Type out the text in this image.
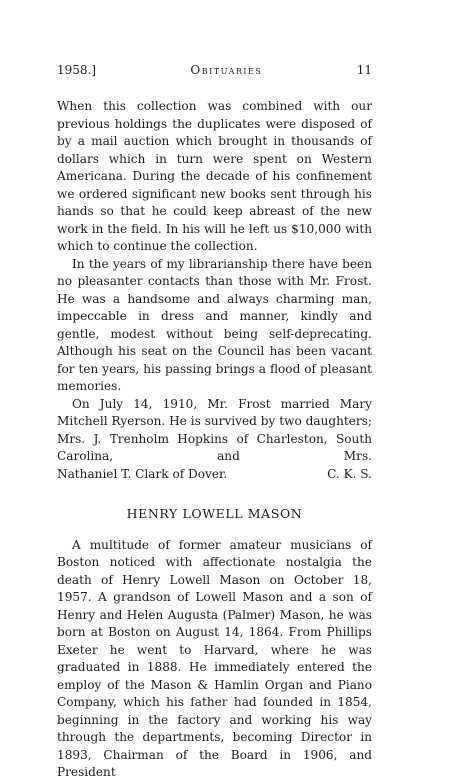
1958.]	Obituaries	11

When this collection was combined with our previous holdings the duplicates were disposed of by a mail auction which brought in thousands of dollars which in turn were spent on Western Americana. During the decade of his confinement we ordered significant new books sent through his hands so that he could keep abreast of the new work in the field. In his will he left us $10,000 with which to continue the collection.

In the years of my librarianship there have been no pleasanter contacts than those with Mr. Frost. He was a handsome and always charming man, impeccable in dress and manner, kindly and gentle, modest without being self-deprecating. Although his seat on the Council has been vacant for ten years, his passing brings a flood of pleasant memories.

On July 14, 1910, Mr. Frost married Mary Mitchell Ryerson. He is survived by two daughters; Mrs. J. Trenholm Hopkins of Charleston, South Carolina, and Mrs.

Nathaniel T. Clark of Dover.	C. K. S.
HENRY LOWELL MASON

A multitude of former amateur musicians of Boston noticed with affectionate nostalgia the death of Henry Lowell Mason on October 18, 1957. A grandson of Lowell Mason and a son of Henry and Helen Augusta (Palmer) Mason, he was born at Boston on August 14, 1864. From Phillips Exeter he went to Harvard, where he was graduated in 1888. He immediately entered the employ of the Mason & Hamlin Organ and Piano Company, which his father had founded in 1854, beginning in the factory and working his way through the departments, becoming Director in 1893, Chairman of the Board in 1906, and President
